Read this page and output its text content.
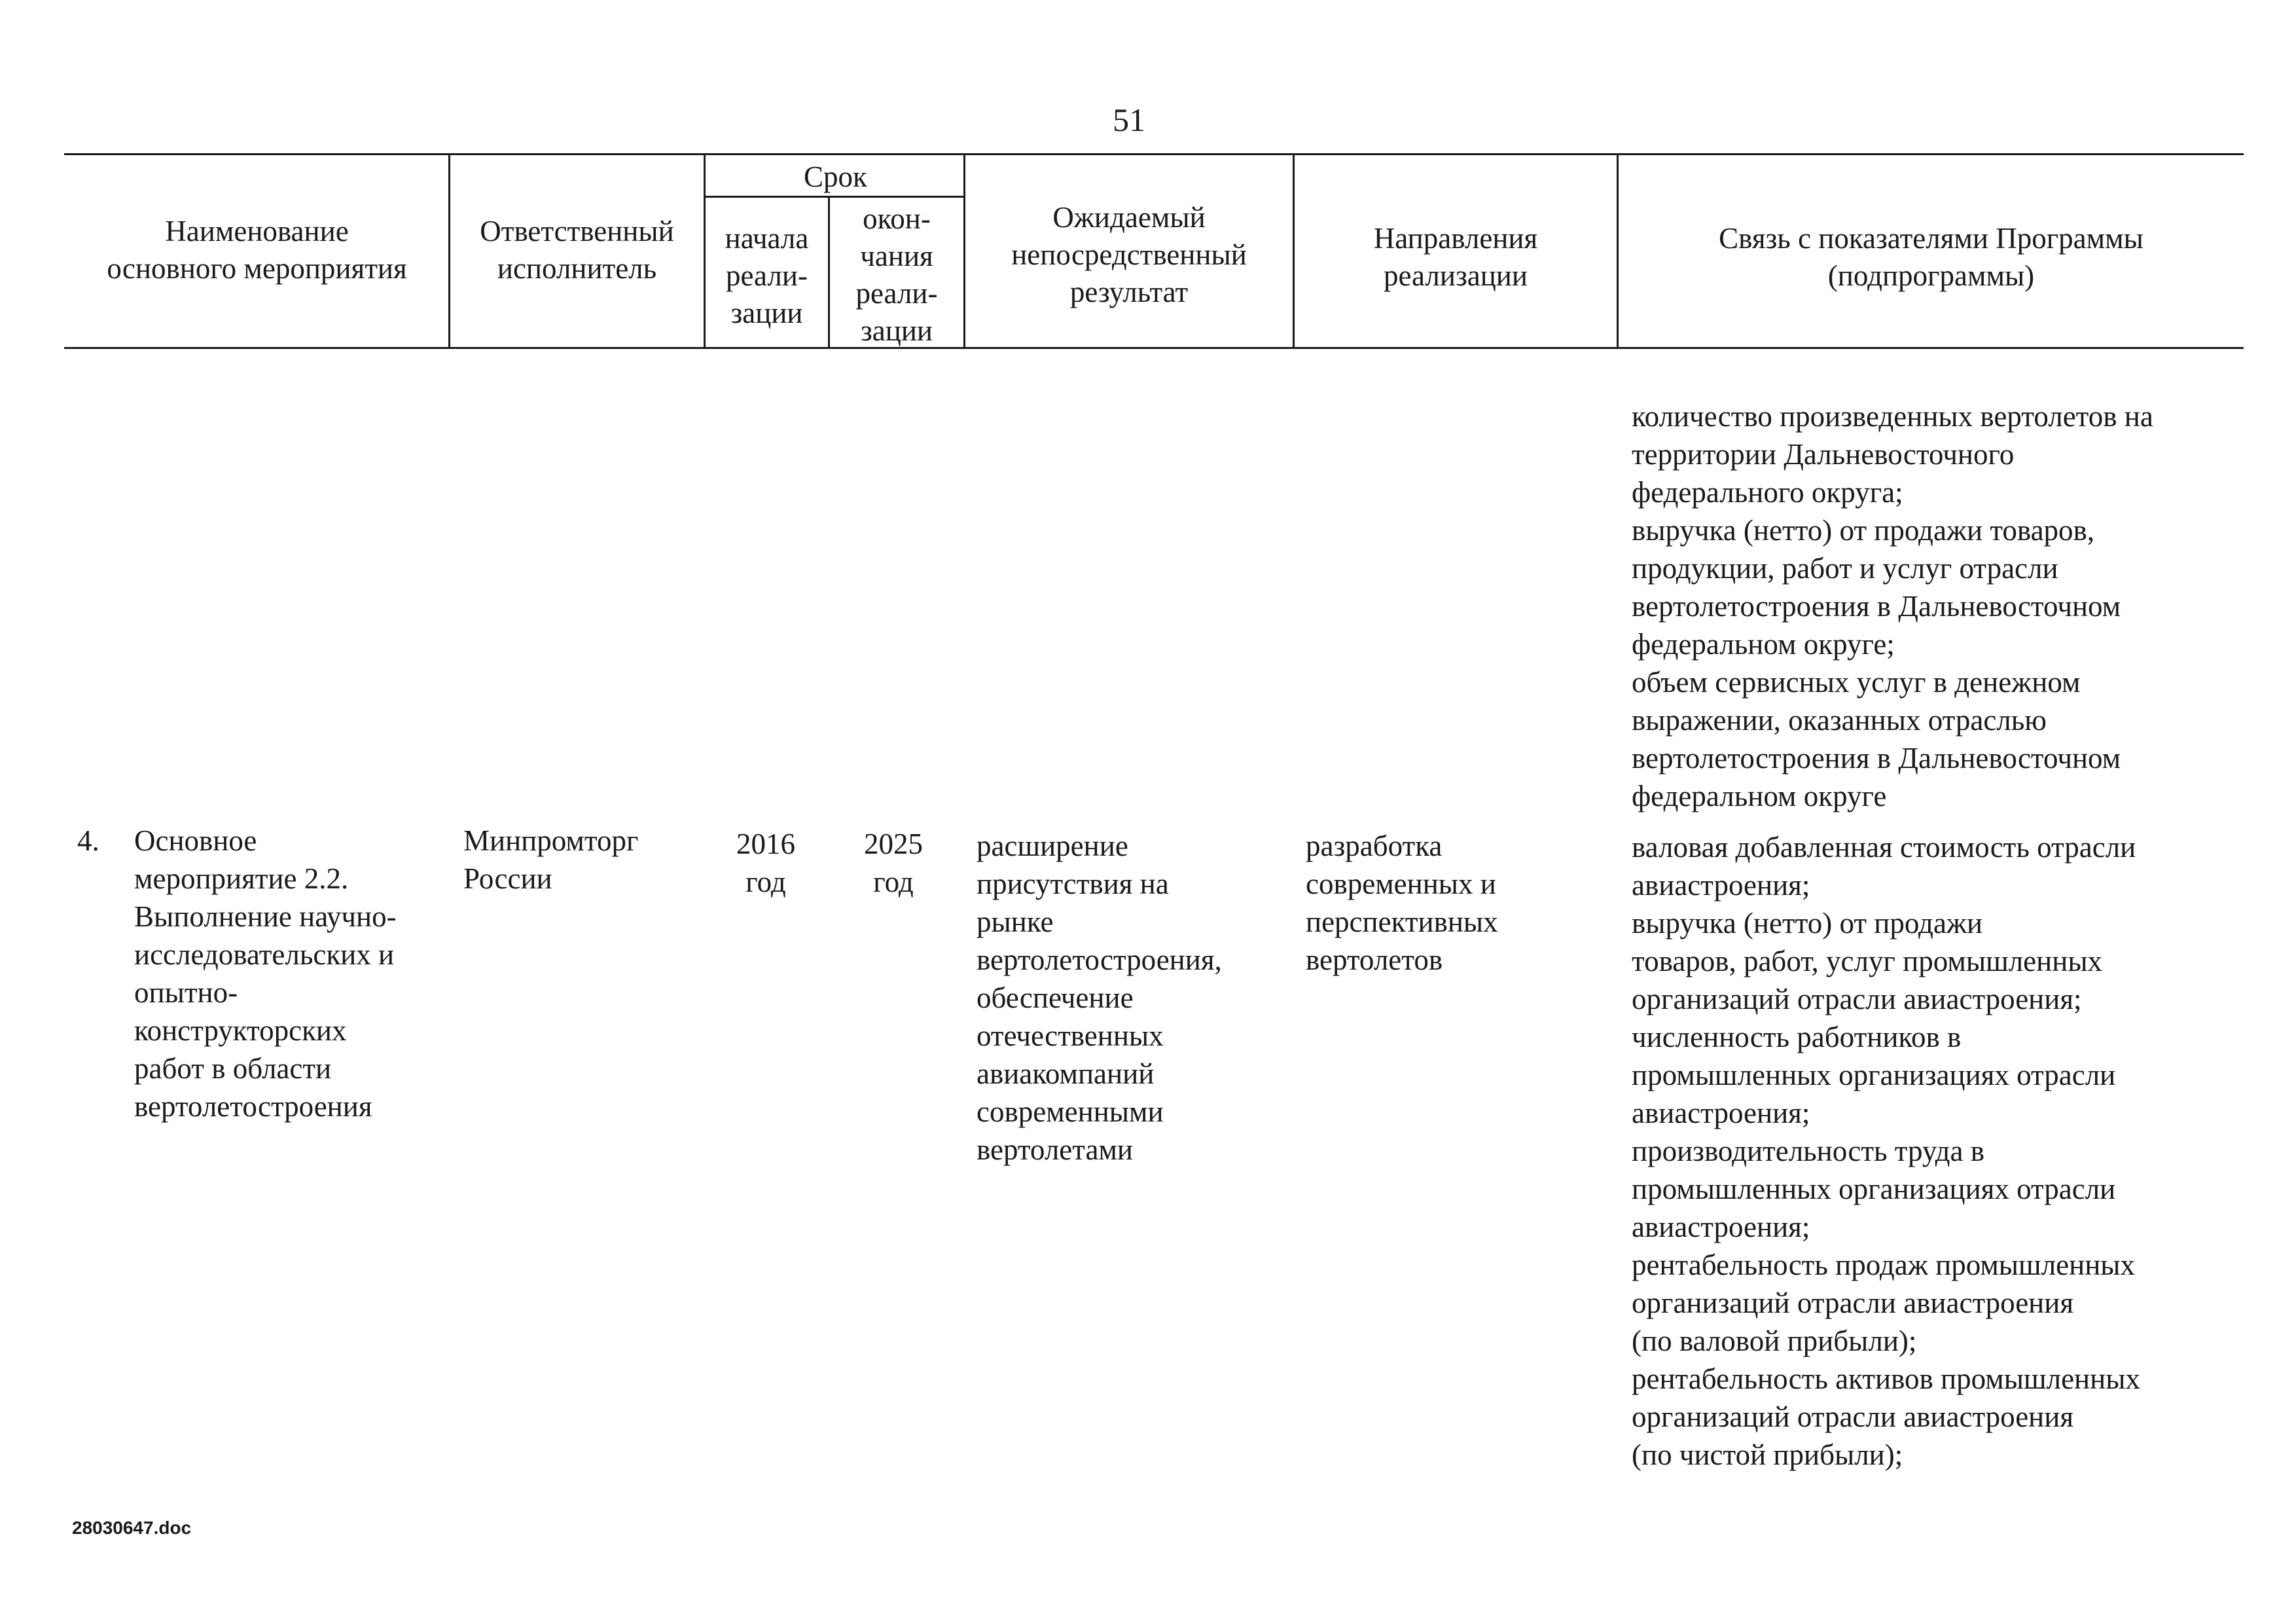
51
Наименование
основного мероприятия
Ответственный
исполнитель
Срок
начала
реали-
зации
окон-
чания
реали-
зации
Ожидаемый
непосредственный
результат
Направления
реализации
Связь с показателями Программы
(подпрограммы)
количество произведенных вертолетов на
территории Дальневосточного
федерального округа;
выручка (нетто) от продажи товаров,
продукции, работ и услуг отрасли
вертолетостроения в Дальневосточном
федеральном округе;
объем сервисных услуг в денежном
выражении, оказанных отраслью
вертолетостроения в Дальневосточном
федеральном округе
4. Основное
мероприятие 2.2.
Выполнение научно-
исследовательских и
опытно-
конструкторских
работ в области
вертолетостроения
Минпромторг
России
2016
год
2025
год
расширение
присутствия на
рынке
вертолетостроения,
обеспечение
отечественных
авиакомпаний
современными
вертолетами
разработка
современных и
перспективных
вертолетов
валовая добавленная стоимость отрасли
авиастроения;
выручка (нетто) от продажи
товаров, работ, услуг промышленных
организаций отрасли авиастроения;
численность работников в
промышленных организациях отрасли
авиастроения;
производительность труда в
промышленных организациях отрасли
авиастроения;
рентабельность продаж промышленных
организаций отрасли авиастроения
(по валовой прибыли);
рентабельность активов промышленных
организаций отрасли авиастроения
(по чистой прибыли);
28030647.doc
